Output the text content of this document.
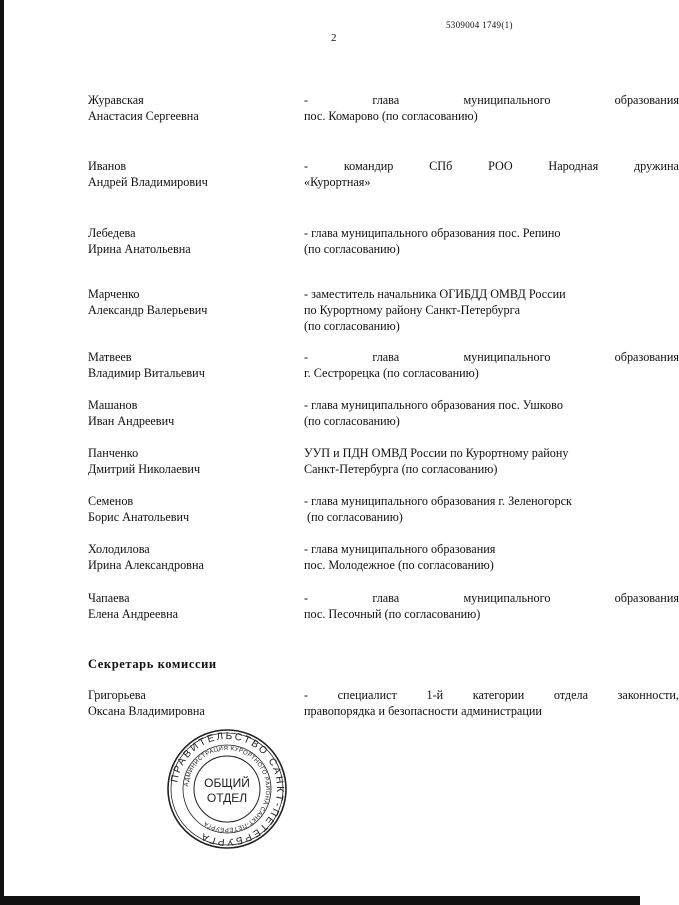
5309004 1749(1)
2
Журавская
Анастасия Сергеевна
-	глава	муниципального	образования
пос. Комарово (по согласованию)
Иванов
Андрей Владимирович
-	командир	СПб	РОО	Народная	дружина
«Курортная»
Лебедева
Ирина Анатольевна
- глава муниципального образования пос. Репино
(по согласованию)
Марченко
Александр Валерьевич
- заместитель начальника ОГИБДД ОМВД России
по Курортному району Санкт-Петербурга
(по согласованию)
Матвеев
Владимир Витальевич
-	глава	муниципального	образования
г. Сестрорецка (по согласованию)
Машанов
Иван Андреевич
- глава муниципального образования пос. Ушково
(по согласованию)
Панченко
Дмитрий Николаевич
УУП и ПДН ОМВД России по Курортному району
Санкт-Петербурга (по согласованию)
Семенов
Борис Анатольевич
- глава муниципального образования г. Зеленогорск
(по согласованию)
Холодилова
Ирина Александровна
- глава муниципального образования
пос. Молодежное (по согласованию)
Чапаева
Елена Андреевна
-	глава	муниципального	образования
пос. Песочный (по согласованию)
Секретарь комиссии
Григорьева
Оксана Владимировна
- специалист 1-й категории отдела законности,
правопорядка и безопасности администрации
ПРАВИТЕЛЬСТВО САНКТ-ПЕТЕРБУРГА
АДМИНИСТРАЦИЯ КУРОРТНОГО РАЙОНА САНКТ-ПЕТЕРБУРГА
ОБЩИЙ
ОТДЕЛ
